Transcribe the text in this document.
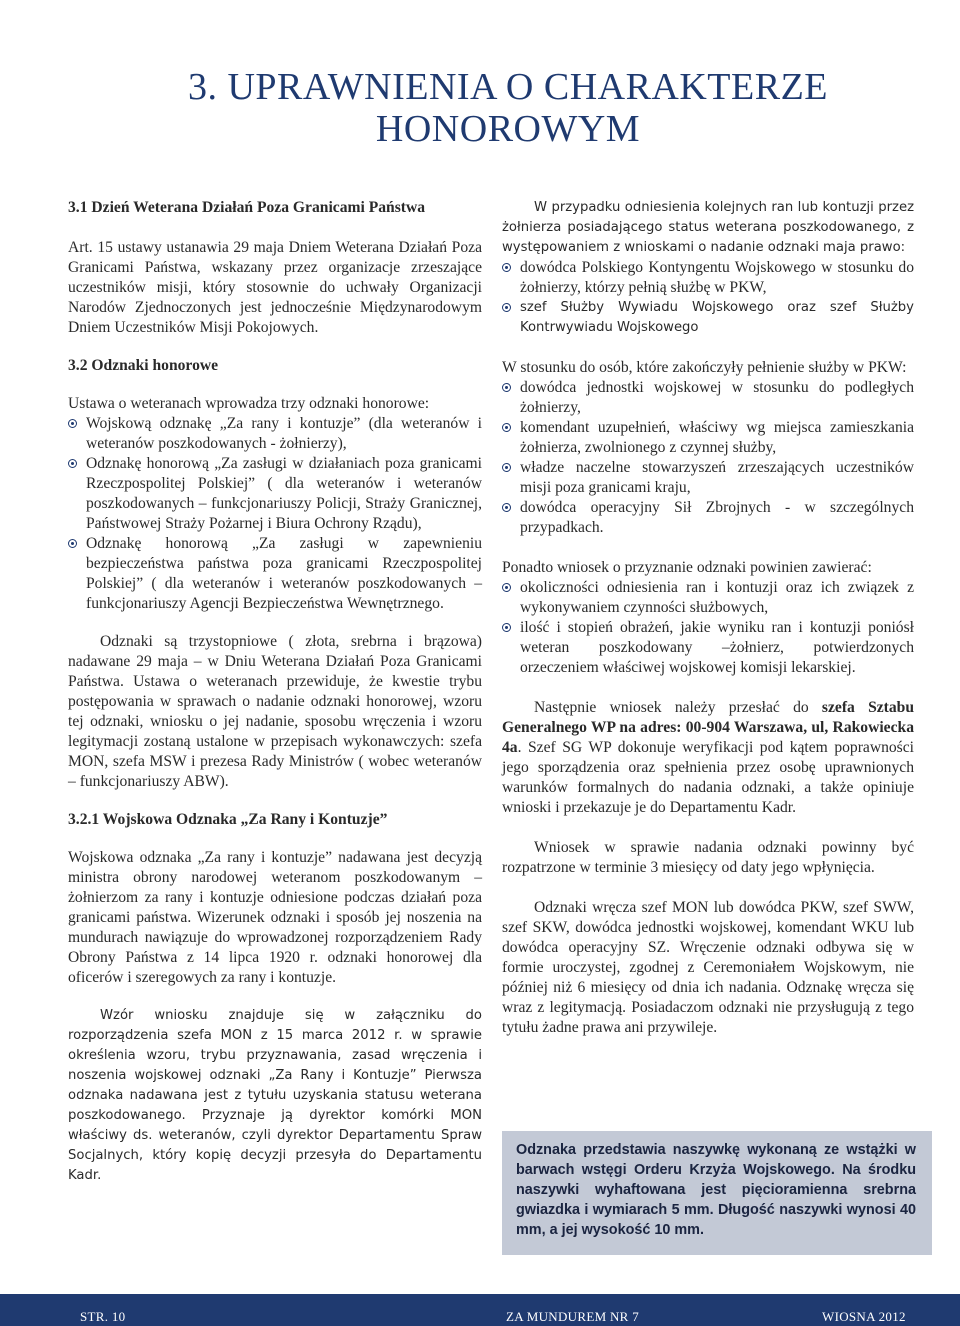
3. UPRAWNIENIA O CHARAKTERZE
HONOROWYM

3.1 Dzień Weterana Działań Poza Granicami Państwa

Art. 15 ustawy ustanawia 29 maja Dniem Weterana Działań Poza Granicami Państwa, wskazany przez organizacje zrzeszające uczestników misji, który stosownie do uchwały Organizacji Narodów Zjednoczonych jest jednocześnie Międzynarodowym Dniem Uczestników Misji Pokojowych.

3.2 Odznaki honorowe

Ustawa o weteranach wprowadza trzy odznaki honorowe:

Wojskową odznakę „Za rany i kontuzje” (dla weteranów i weteranów poszkodowanych - żołnierzy),
Odznakę honorową „Za zasługi w działaniach poza granicami Rzeczpospolitej Polskiej” ( dla weteranów i weteranów poszkodowanych – funkcjonariuszy Policji, Straży Granicznej, Państwowej Straży Pożarnej i Biura Ochrony Rządu),
Odznakę honorową „Za zasługi w zapewnieniu bezpieczeństwa państwa poza granicami Rzeczpospolitej Polskiej” ( dla weteranów i weteranów poszkodowanych – funkcjonariuszy Agencji Bezpieczeństwa Wewnętrznego.

Odznaki są trzystopniowe ( złota, srebrna i brązowa) nadawane 29 maja – w Dniu Weterana Działań Poza Granicami Państwa. Ustawa o weteranach przewiduje, że kwestie trybu postępowania w sprawach o nadanie odznaki honorowej, wzoru tej odznaki, wniosku o jej nadanie, sposobu wręczenia i wzoru legitymacji zostaną ustalone w przepisach wykonawczych: szefa MON, szefa MSW i prezesa Rady Ministrów ( wobec weteranów – funkcjonariuszy ABW).

3.2.1 Wojskowa Odznaka „Za Rany i Kontuzje”

Wojskowa odznaka „Za rany i kontuzje” nadawana jest decyzją ministra obrony narodowej weteranom poszkodowanym – żołnierzom za rany i kontuzje odniesione podczas działań poza granicami państwa. Wizerunek odznaki i sposób jej noszenia na mundurach nawiązuje do wprowadzonej rozporządzeniem Rady Obrony Państwa z 14 lipca 1920 r. odznaki honorowej dla oficerów i szeregowych za rany i kontuzje.

Wzór wniosku znajduje się w załączniku do rozporządzenia szefa MON z 15 marca 2012 r. w sprawie określenia wzoru, trybu przyznawania, zasad wręczenia i noszenia wojskowej odznaki „Za Rany i Kontuzje” Pierwsza odznaka nadawana jest z tytułu uzyskania statusu weterana poszkodowanego. Przyznaje ją dyrektor komórki MON właściwy ds. weteranów, czyli dyrektor Departamentu Spraw Socjalnych, który kopię decyzji przesyła do Departamentu Kadr.

W przypadku odniesienia kolejnych ran lub kontuzji przez żołnierza posiadającego status weterana poszkodowanego, z występowaniem z wnioskami o nadanie odznaki maja prawo:

dowódca Polskiego Kontyngentu Wojskowego w stosunku do żołnierzy, którzy pełnią służbę w PKW,
szef Służby Wywiadu Wojskowego oraz szef Służby Kontrwywiadu Wojskowego

W stosunku do osób, które zakończyły pełnienie służby w PKW:

dowódca jednostki wojskowej w stosunku do podległych żołnierzy,
komendant uzupełnień, właściwy wg miejsca zamieszkania żołnierza, zwolnionego z czynnej służby,
władze naczelne stowarzyszeń zrzeszających uczestników misji poza granicami kraju,
dowódca operacyjny Sił Zbrojnych - w szczególnych przypadkach.

Ponadto wniosek o przyznanie odznaki powinien zawierać:

okoliczności odniesienia ran i kontuzji oraz ich związek z wykonywaniem czynności służbowych,
ilość i stopień obrażeń, jakie wyniku ran i kontuzji poniósł weteran poszkodowany –żołnierz, potwierdzonych orzeczeniem właściwej wojskowej komisji lekarskiej.

Następnie wniosek należy przesłać do szefa Sztabu Generalnego WP na adres: 00-904 Warszawa, ul, Rakowiecka 4a. Szef SG WP dokonuje weryfikacji pod kątem poprawności jego sporządzenia oraz spełnienia przez osobę uprawnionych warunków formalnych do nadania odznaki, a także opiniuje wnioski i przekazuje je do Departamentu Kadr.

Wniosek w sprawie nadania odznaki powinny być rozpatrzone w terminie 3 miesięcy od daty jego wpłynięcia.

Odznaki wręcza szef MON lub dowódca PKW, szef SWW, szef SKW, dowódca jednostki wojskowej, komendant WKU lub dowódca operacyjny SZ. Wręczenie odznaki odbywa się w formie uroczystej, zgodnej z Ceremoniałem Wojskowym, nie później niż 6 miesięcy od dnia ich nadania. Odznakę wręcza się wraz z legitymacją. Posiadaczom odznaki nie przysługują z tego tytułu żadne prawa ani przywileje.

Odznaka przedstawia naszywkę wykonaną ze wstążki w barwach wstęgi Orderu Krzyża Wojskowego. Na środku naszywki wyhaftowana jest pięcioramienna srebrna gwiazdka i wymiarach 5 mm. Długość naszywki wynosi 40 mm, a jej wysokość 10 mm.
STR. 10	ZA MUNDUREM NR 7	WIOSNA 2012
